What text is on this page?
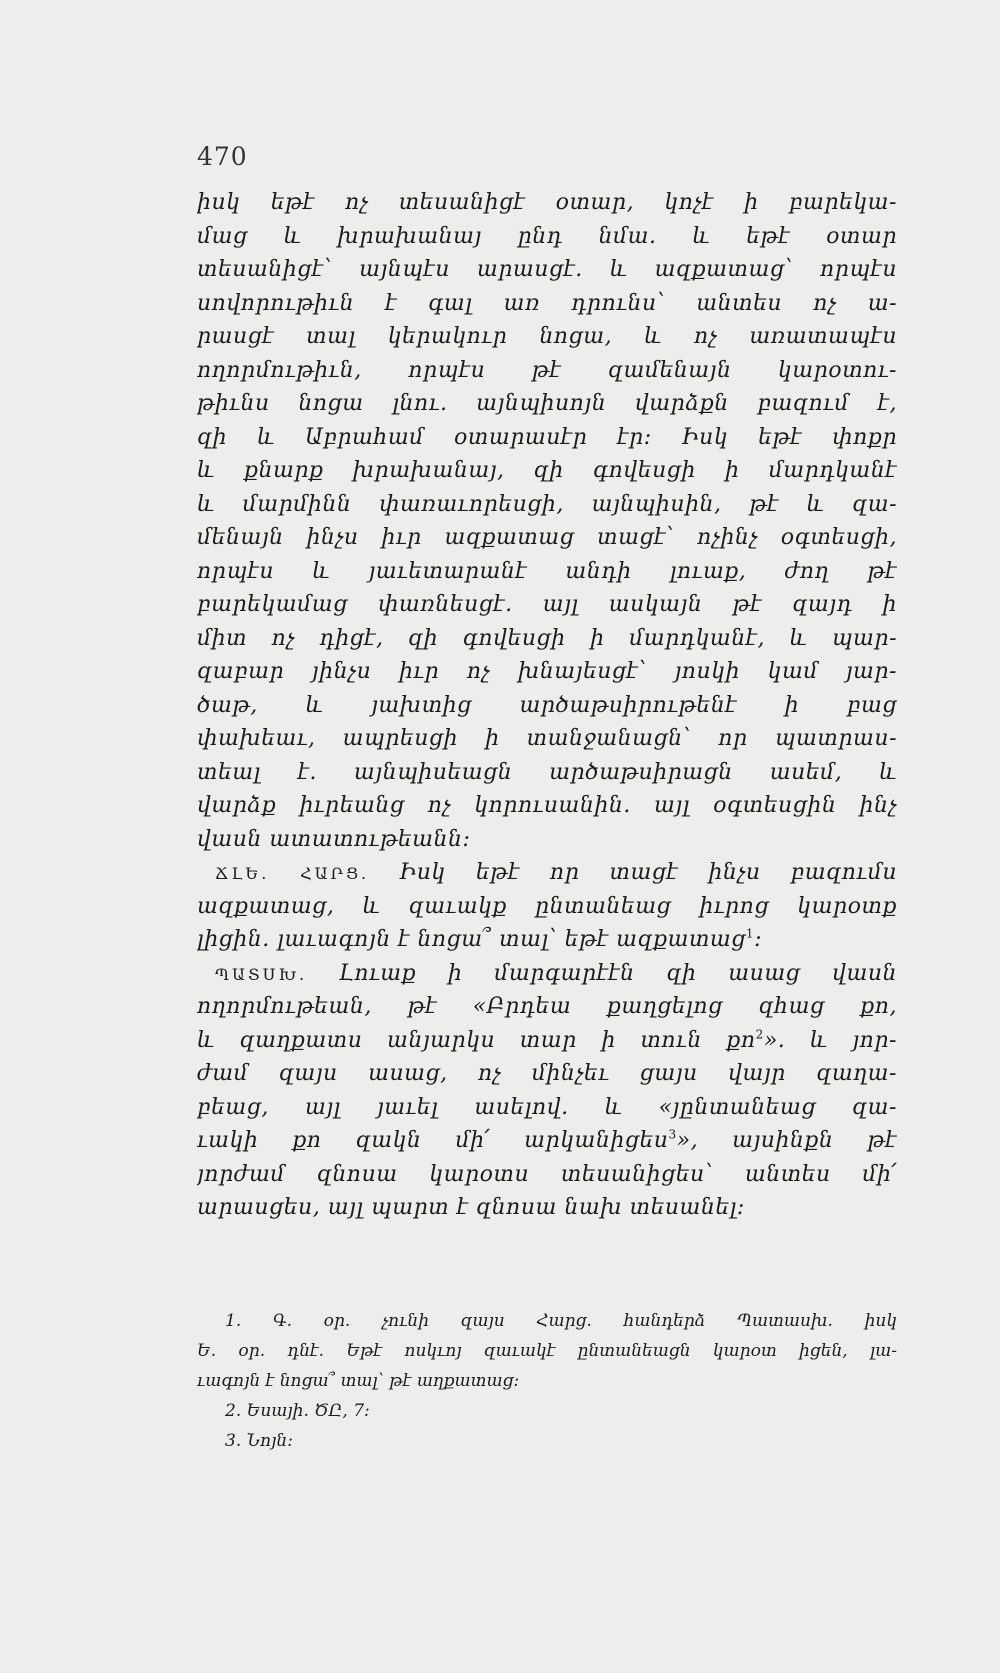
470
իսկ եթէ ոչ տեսանիցէ օտար, կոչէ ի բարեկա-
մաց և խրախանայ ընդ նմա. և եթէ օտար
տեսանիցէ՝ այնպէս արասցէ. և ազքատաց՝ որպէս
սովորութիւն է գալ առ դրունս՝ անտես ոչ ա-
րասցէ տալ կերակուր նոցա, և ոչ առատապէս
ողորմութիւն, որպէս թէ զամենայն կարօտու-
թիւնս նոցա լնու. այնպիսոյն վարձքն բազում է,
զի և Աբրահամ օտարասէր էր։ Իսկ եթէ փոքր
և քնարք խրախանայ, զի գովեսցի ի մարդկանէ
և մարմինն փառաւորեսցի, այնպիսին, թէ և զա-
մենայն ինչս իւր ազքատաց տացէ՝ ոչինչ օգտեսցի,
որպէս և յաւետարանէ անդի լուաք, ժող թէ
բարեկամաց փառնեսցէ. այլ ասկայն թէ զայդ ի
միտ ոչ դիցէ, զի գովեսցի ի մարդկանէ, և պար-
զաբար յինչս իւր ոչ խնայեսցէ՝ յոսկի կամ յար-
ծաթ, և յախտից արծաթսիրութենէ ի բաց
փախեաւ, ապրեսցի ի տանջանացն՝ որ պատրաս-
տեալ է. այնպիսեացն արծաթսիրացն ասեմ, և
վարձք իւրեանց ոչ կորուսանին. այլ օգտեսցին ինչ
վասն ատատութեանն։
ՃԼԵ. ՀԱՐՑ. Իսկ եթէ որ տացէ ինչս բազումս
ազքատաց, և զաւակք ընտանեաց իւրոց կարօտք
լիցին. լաւագոյն է նոցա՞ տալ՝ եթէ ազքատաց$^1$։
ՊԱՏՍԽ. Լուաք ի մարգարէէն զի ասաց վասն
ողորմութեան, թէ «Բրդեա քաղցելոց զհաց քո,
և զաղքատս անյարկս տար ի տուն քո$^2$». և յոր-
ժամ զայս ասաց, ոչ մինչեւ ցայս վայր զաղա-
բեաց, այլ յաւել ասելով. և «յընտանեաց զա-
ւակի քո զակն մի՛ արկանիցես$^3$», այսինքն թէ
յորժամ զնոսա կարօտս տեսանիցես՝ անտես մի՛
արասցես, այլ պարտ է զնոսա նախ տեսանել։
1. Գ. օր. չունի զայս Հարց. հանդերձ Պատասխ. իսկ
Ե. օր. դնէ. Եթէ ոսկւոյ զաւակէ ընտանեացն կարօտ իցեն, լա-
ւագոյն է նոցա՞ տալ՝ թէ աղքատաց։
2. Եսայի. ԾԸ, 7։
3. Նոյն։
